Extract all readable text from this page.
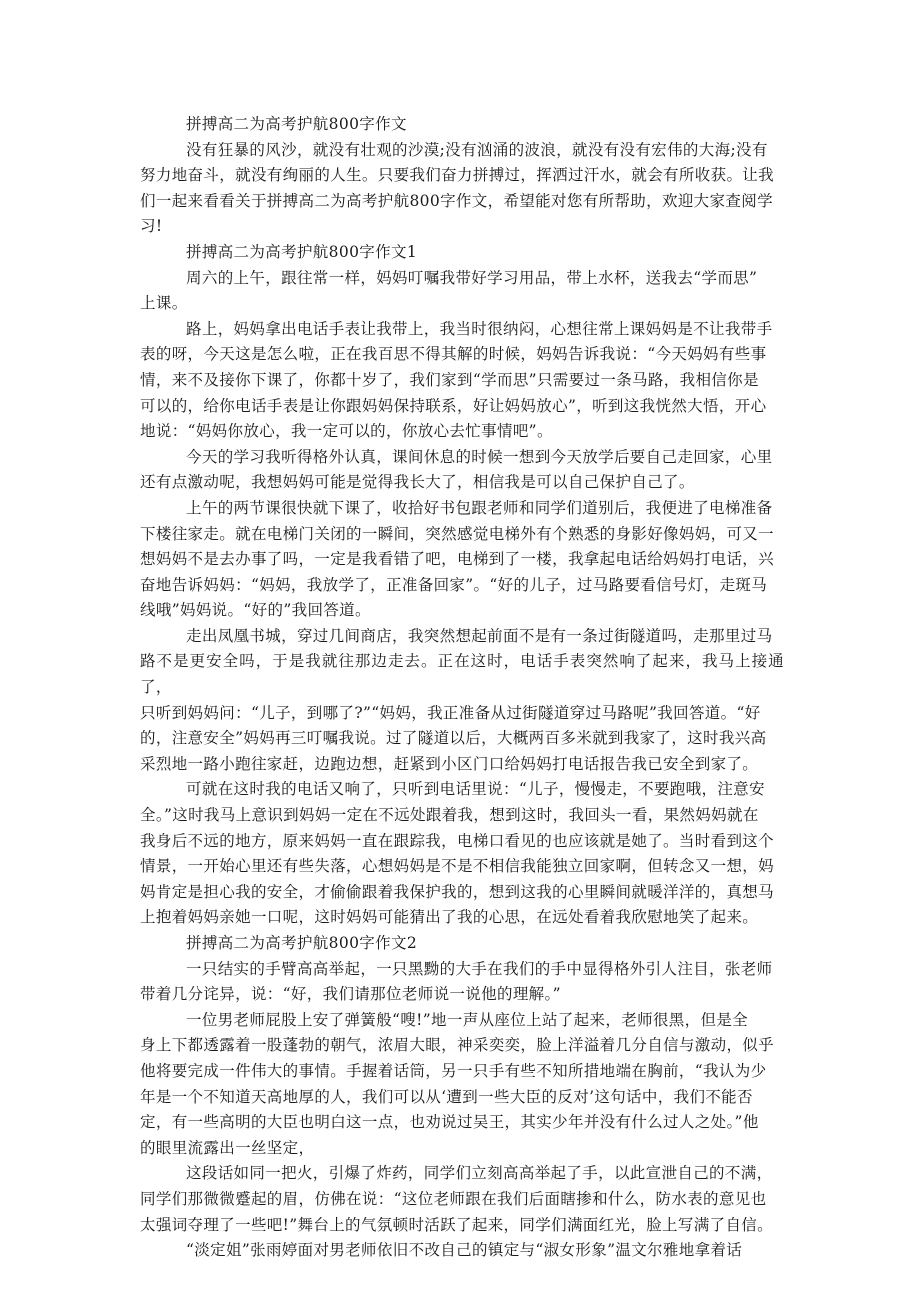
拼搏高二为高考护航800字作文

没有狂暴的风沙，就没有壮观的沙漠;没有汹涌的波浪，就没有没有宏伟的大海;没有

努力地奋斗，就没有绚丽的人生。只要我们奋力拼搏过，挥洒过汗水，就会有所收获。让我

们一起来看看关于拼搏高二为高考护航800字作文，希望能对您有所帮助，欢迎大家查阅学

习!

拼搏高二为高考护航800字作文1

周六的上午，跟往常一样，妈妈叮嘱我带好学习用品，带上水杯，送我去“学而思”

上课。

路上，妈妈拿出电话手表让我带上，我当时很纳闷，心想往常上课妈妈是不让我带手

表的呀，今天这是怎么啦，正在我百思不得其解的时候，妈妈告诉我说：“今天妈妈有些事

情，来不及接你下课了，你都十岁了，我们家到“学而思”只需要过一条马路，我相信你是

可以的，给你电话手表是让你跟妈妈保持联系，好让妈妈放心”，听到这我恍然大悟，开心

地说：“妈妈你放心，我一定可以的，你放心去忙事情吧”。

今天的学习我听得格外认真，课间休息的时候一想到今天放学后要自己走回家，心里

还有点激动呢，我想妈妈可能是觉得我长大了，相信我是可以自己保护自己了。

上午的两节课很快就下课了，收拾好书包跟老师和同学们道别后，我便进了电梯准备

下楼往家走。就在电梯门关闭的一瞬间，突然感觉电梯外有个熟悉的身影好像妈妈，可又一

想妈妈不是去办事了吗，一定是我看错了吧，电梯到了一楼，我拿起电话给妈妈打电话，兴

奋地告诉妈妈：“妈妈，我放学了，正准备回家”。“好的儿子，过马路要看信号灯，走斑马

线哦”妈妈说。“好的”我回答道。

走出凤凰书城，穿过几间商店，我突然想起前面不是有一条过街隧道吗，走那里过马

路不是更安全吗，于是我就往那边走去。正在这时，电话手表突然响了起来，我马上接通了，

只听到妈妈问：“儿子，到哪了?”“妈妈，我正准备从过街隧道穿过马路呢”我回答道。“好

的，注意安全”妈妈再三叮嘱我说。过了隧道以后，大概两百多米就到我家了，这时我兴高

采烈地一路小跑往家赶，边跑边想，赶紧到小区门口给妈妈打电话报告我已安全到家了。

可就在这时我的电话又响了，只听到电话里说：“儿子，慢慢走，不要跑哦，注意安

全。”这时我马上意识到妈妈一定在不远处跟着我，想到这时，我回头一看，果然妈妈就在

我身后不远的地方，原来妈妈一直在跟踪我，电梯口看见的也应该就是她了。当时看到这个

情景，一开始心里还有些失落，心想妈妈是不是不相信我能独立回家啊，但转念又一想，妈

妈肯定是担心我的安全，才偷偷跟着我保护我的，想到这我的心里瞬间就暖洋洋的，真想马

上抱着妈妈亲她一口呢，这时妈妈可能猜出了我的心思，在远处看着我欣慰地笑了起来。

拼搏高二为高考护航800字作文2

一只结实的手臂高高举起，一只黑黝的大手在我们的手中显得格外引人注目，张老师

带着几分诧异，说：“好，我们请那位老师说一说他的理解。”

一位男老师屁股上安了弹簧般“嗖!”地一声从座位上站了起来，老师很黑，但是全

身上下都透露着一股蓬勃的朝气，浓眉大眼，神采奕奕，脸上洋溢着几分自信与激动，似乎

他将要完成一件伟大的事情。手握着话筒，另一只手有些不知所措地端在胸前，“我认为少

年是一个不知道天高地厚的人，我们可以从‘遭到一些大臣的反对’这句话中，我们不能否

定，有一些高明的大臣也明白这一点，也劝说过吴王，其实少年并没有什么过人之处。”他

的眼里流露出一丝坚定，

这段话如同一把火，引爆了炸药，同学们立刻高高举起了手，以此宣泄自己的不满，

同学们那微微蹙起的眉，仿佛在说：“这位老师跟在我们后面瞎掺和什么，防水表的意见也

太强词夺理了一些吧!”舞台上的气氛顿时活跃了起来，同学们满面红光，脸上写满了自信。

“淡定姐”张雨婷面对男老师依旧不改自己的镇定与“淑女形象”温文尔雅地拿着话
